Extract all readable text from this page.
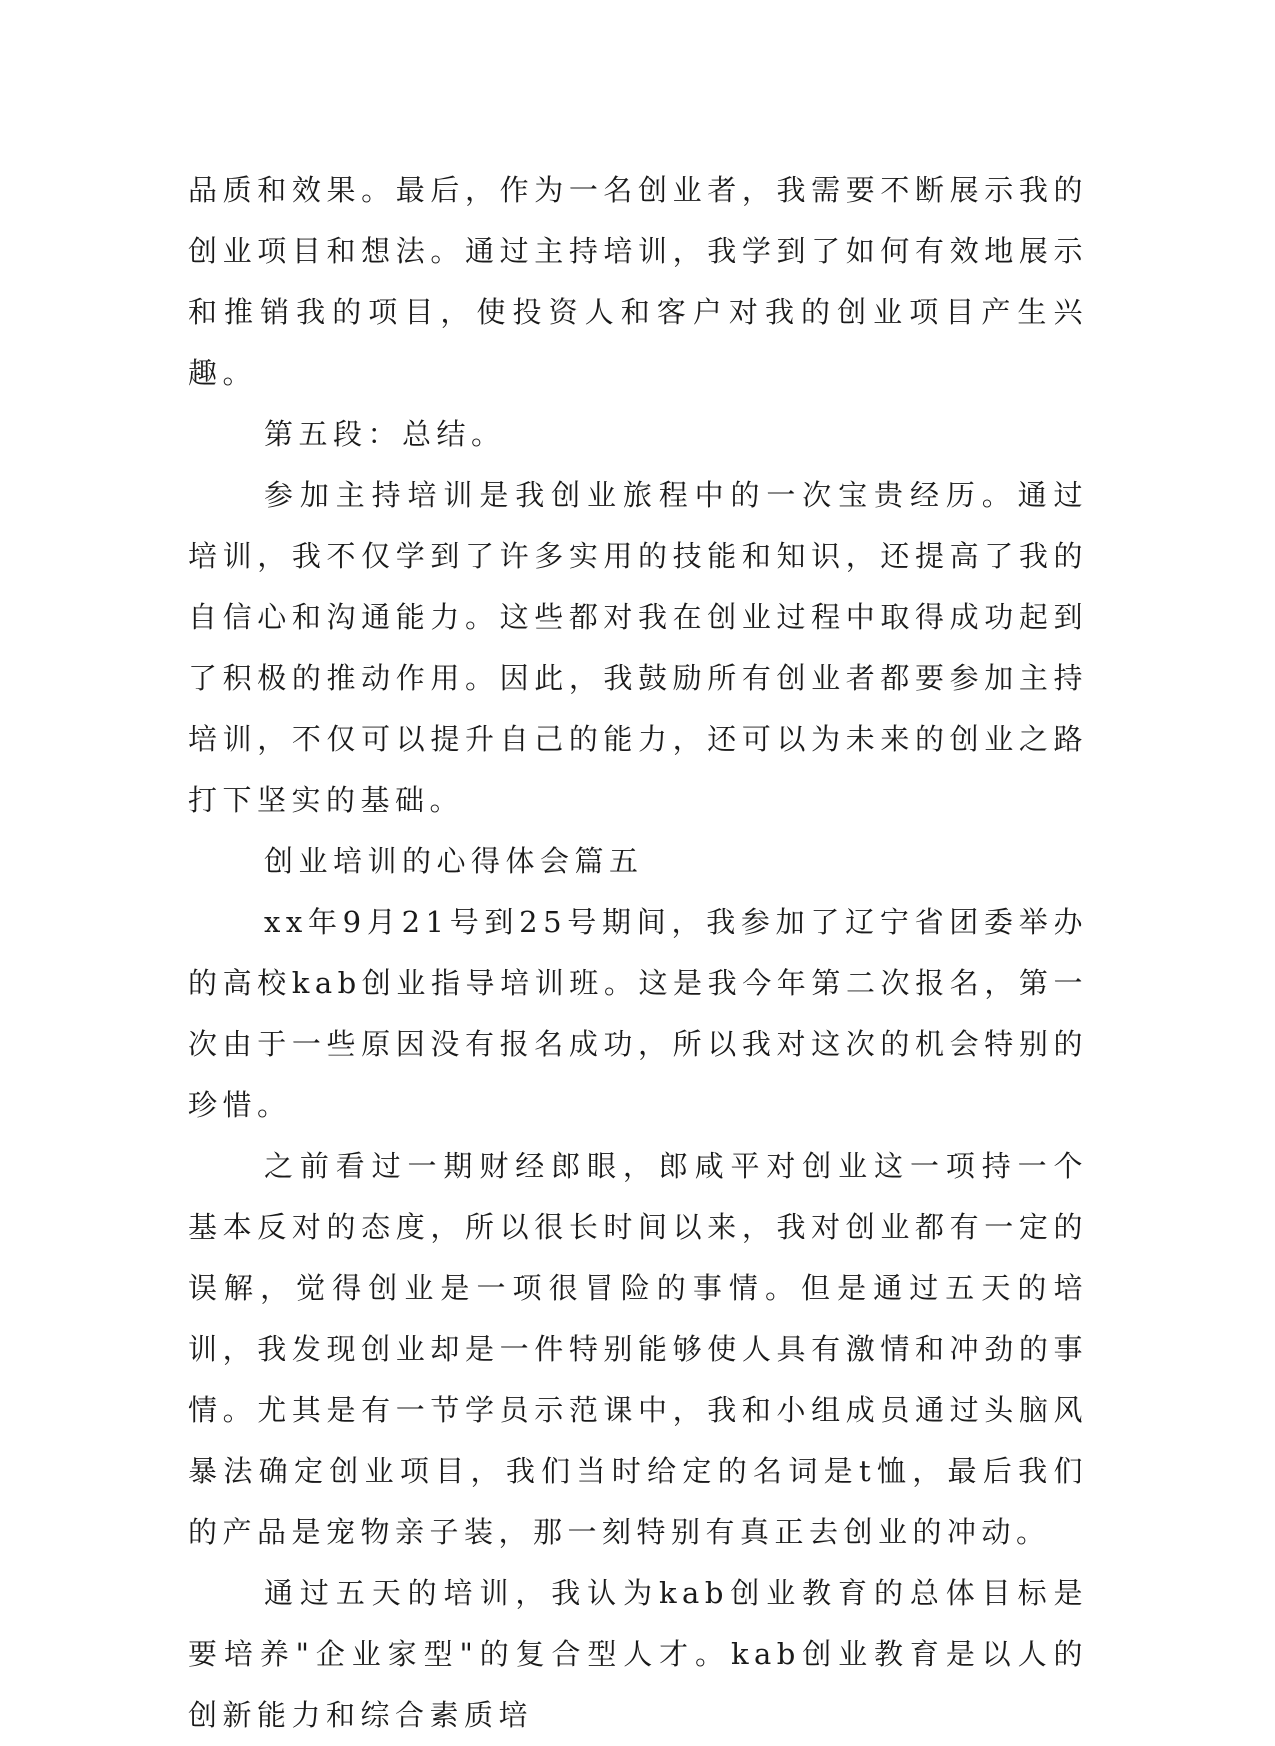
品质和效果。最后，作为一名创业者，我需要不断展示我的创业项目和想法。通过主持培训，我学到了如何有效地展示和推销我的项目，使投资人和客户对我的创业项目产生兴趣。

第五段：总结。

参加主持培训是我创业旅程中的一次宝贵经历。通过培训，我不仅学到了许多实用的技能和知识，还提高了我的自信心和沟通能力。这些都对我在创业过程中取得成功起到了积极的推动作用。因此，我鼓励所有创业者都要参加主持培训，不仅可以提升自己的能力，还可以为未来的创业之路打下坚实的基础。

创业培训的心得体会篇五

xx年9月21号到25号期间，我参加了辽宁省团委举办的高校kab创业指导培训班。这是我今年第二次报名，第一次由于一些原因没有报名成功，所以我对这次的机会特别的珍惜。

之前看过一期财经郎眼，郎咸平对创业这一项持一个基本反对的态度，所以很长时间以来，我对创业都有一定的误解，觉得创业是一项很冒险的事情。但是通过五天的培训，我发现创业却是一件特别能够使人具有激情和冲劲的事情。尤其是有一节学员示范课中，我和小组成员通过头脑风暴法确定创业项目，我们当时给定的名词是t恤，最后我们的产品是宠物亲子装，那一刻特别有真正去创业的冲动。

通过五天的培训，我认为kab创业教育的总体目标是要培养"企业家型"的复合型人才。kab创业教育是以人的创新能力和综合素质培
